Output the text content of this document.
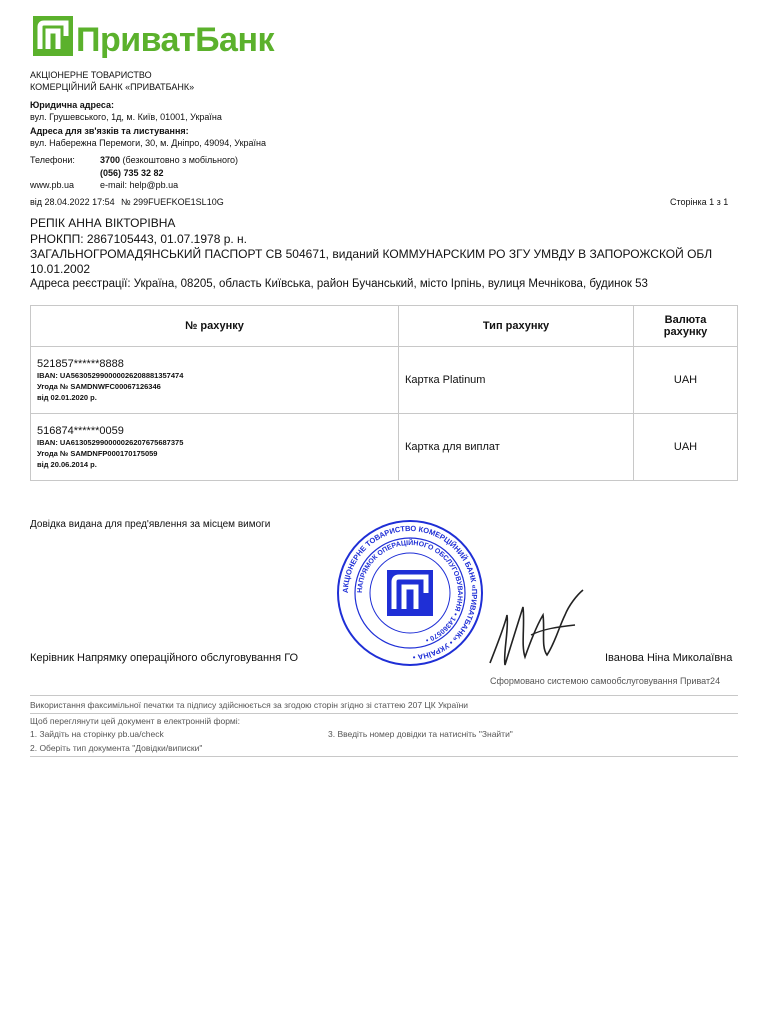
ПриватБанк
АКЦІОНЕРНЕ ТОВАРИСТВО
КОМЕРЦІЙНИЙ БАНК «ПРИВАТБАНК»
Юридична адреса:
вул. Грушевського, 1д, м. Київ, 01001, Україна
Адреса для зв'язків та листування:
вул. Набережна Перемоги, 30, м. Дніпро, 49094, Україна
Телефони:	3700 (безкоштовно з мобільного)
(056) 735 32 82
www.pb.ua	e-mail: help@pb.ua
від 28.04.2022 17:54 № 299FUEFKOE1SL10G	Сторінка 1 з 1
РЕПІК АННА ВІКТОРІВНА
РНОКПП: 2867105443, 01.07.1978 р. н.
ЗАГАЛЬНОГРОМАДЯНСЬКИЙ ПАСПОРТ СВ 504671, виданий КОММУНАРСКИМ РО ЗГУ УМВДУ В ЗАПОРОЖСКОЙ ОБЛ
10.01.2002
Адреса реєстрації: Україна, 08205, область Київська, район Бучанський, місто Ірпінь, вулиця Мечнікова, будинок 53
№ рахунку	Тип рахунку	Валюта
рахунку

521857******8888
IBAN: UA563052990000026208881357474
Угода № SAMDNWFC00067126346
від 02.01.2020 р.	Картка Platinum	UAH

516874******0059
IBAN: UA613052990000026207675687375
Угода № SAMDNFP000170175059
від 20.06.2014 р.	Картка для виплат	UAH
Довідка видана для пред'явлення за місцем вимоги
АКЦІОНЕРНЕ ТОВАРИСТВО КОМЕРЦІЙНИЙ БАНК «ПРИВАТБАНК» • УКРАЇНА •
НАПРЯМОК ОПЕРАЦІЙНОГО ОБСЛУГОВУВАННЯ • 14360570 •
Керівник Напрямку операційного обслуговування ГО	Іванова Ніна Миколаївна
Сформовано системою самообслуговування Приват24
Використання факсимільної печатки та підпису здійснюється за згодою сторін згідно зі статтею 207 ЦК України
Щоб переглянути цей документ в електронній формі:
1. Зайдіть на сторінку pb.ua/check	3. Введіть номер довідки та натисніть "Знайти"
2. Оберіть тип документа "Довідки/виписки"
